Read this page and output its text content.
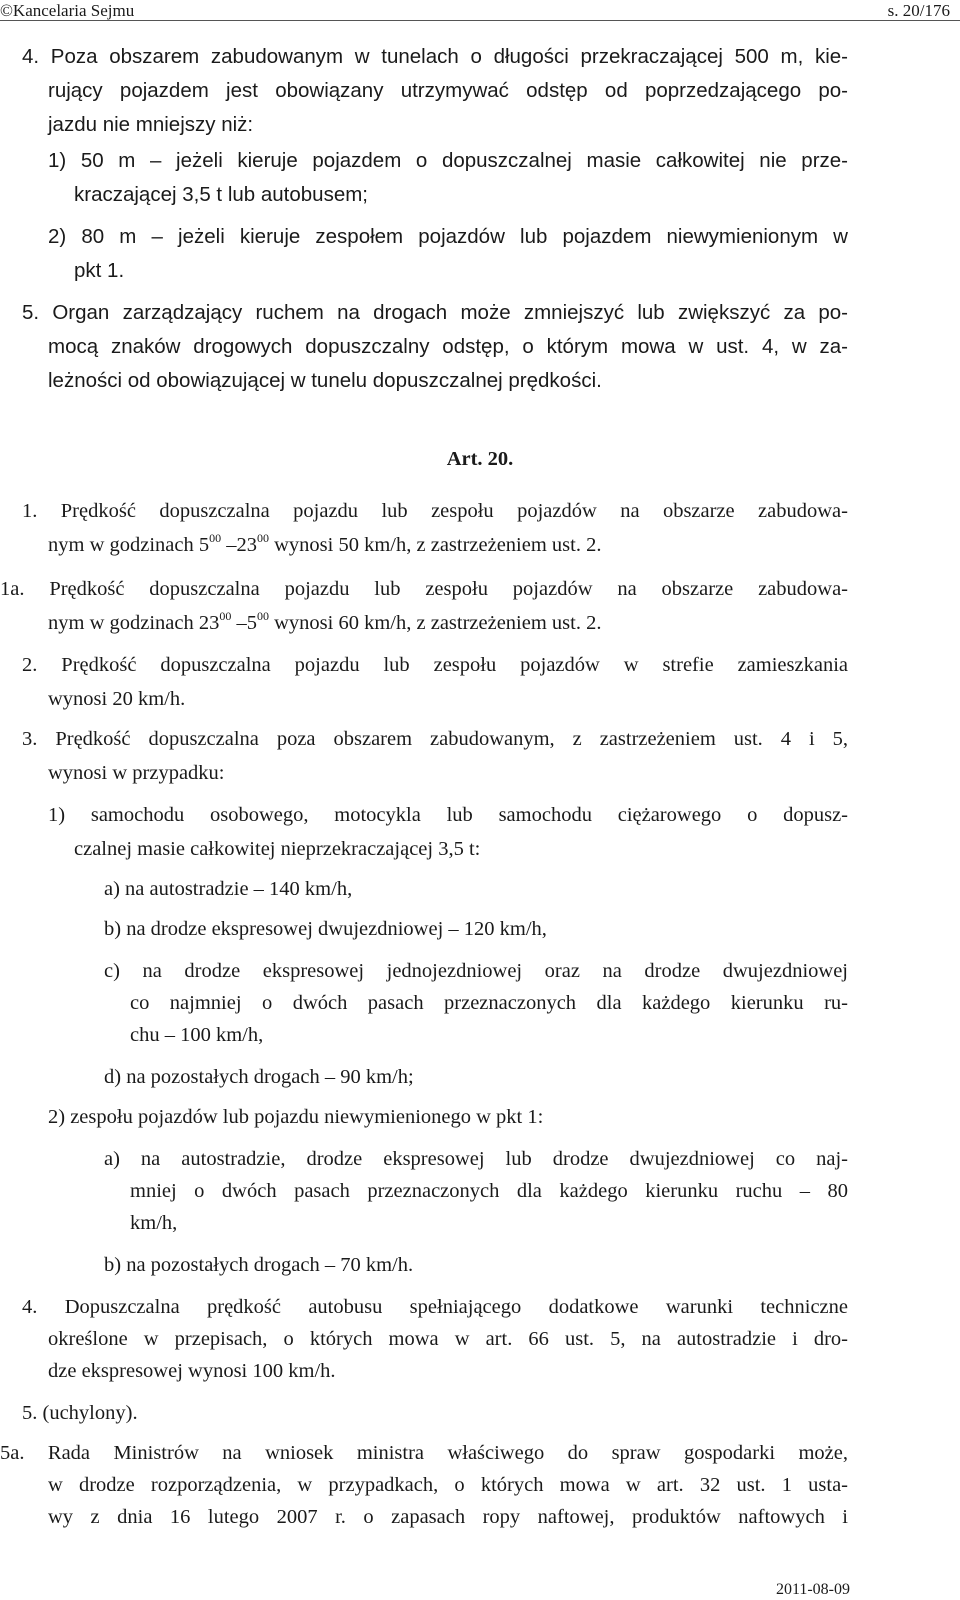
©Kancelaria Sejmu	s. 20/176
4. Poza obszarem zabudowanym w tunelach o długości przekraczającej 500 m, kie-
rujący pojazdem jest obowiązany utrzymywać odstęp od poprzedzającego po-
jazdu nie mniejszy niż:
1) 50 m – jeżeli kieruje pojazdem o dopuszczalnej masie całkowitej nie prze-
kraczającej 3,5 t lub autobusem;
2) 80 m – jeżeli kieruje zespołem pojazdów lub pojazdem niewymienionym w
pkt 1.
5. Organ zarządzający ruchem na drogach może zmniejszyć lub zwiększyć za po-
mocą znaków drogowych dopuszczalny odstęp, o którym mowa w ust. 4, w za-
leżności od obowiązującej w tunelu dopuszczalnej prędkości.
Art. 20.
1. Prędkość dopuszczalna pojazdu lub zespołu pojazdów na obszarze zabudowa-
nym w godzinach $5^{00}$ $-23^{00}$ wynosi 50 km/h, z zastrzeżeniem ust. 2.
1a. Prędkość dopuszczalna pojazdu lub zespołu pojazdów na obszarze zabudowa-
nym w godzinach $23^{00}$ $-5^{00}$ wynosi 60 km/h, z zastrzeżeniem ust. 2.
2. Prędkość dopuszczalna pojazdu lub zespołu pojazdów w strefie zamieszkania
wynosi 20 km/h.
3. Prędkość dopuszczalna poza obszarem zabudowanym, z zastrzeżeniem ust. 4 i 5,
wynosi w przypadku:
1) samochodu osobowego, motocykla lub samochodu ciężarowego o dopusz-
czalnej masie całkowitej nieprzekraczającej 3,5 t:
a) na autostradzie – 140 km/h,
b) na drodze ekspresowej dwujezdniowej – 120 km/h,
c) na drodze ekspresowej jednojezdniowej oraz na drodze dwujezdniowej
co najmniej o dwóch pasach przeznaczonych dla każdego kierunku ru-
chu – 100 km/h,
d) na pozostałych drogach – 90 km/h;
2) zespołu pojazdów lub pojazdu niewymienionego w pkt 1:
a) na autostradzie, drodze ekspresowej lub drodze dwujezdniowej co naj-
mniej o dwóch pasach przeznaczonych dla każdego kierunku ruchu – 80
km/h,
b) na pozostałych drogach – 70 km/h.
4. Dopuszczalna prędkość autobusu spełniającego dodatkowe warunki techniczne
określone w przepisach, o których mowa w art. 66 ust. 5, na autostradzie i dro-
dze ekspresowej wynosi 100 km/h.
5. (uchylony).
5a. Rada Ministrów na wniosek ministra właściwego do spraw gospodarki może,
w drodze rozporządzenia, w przypadkach, o których mowa w art. 32 ust. 1 usta-
wy z dnia 16 lutego 2007 r. o zapasach ropy naftowej, produktów naftowych i
2011-08-09
